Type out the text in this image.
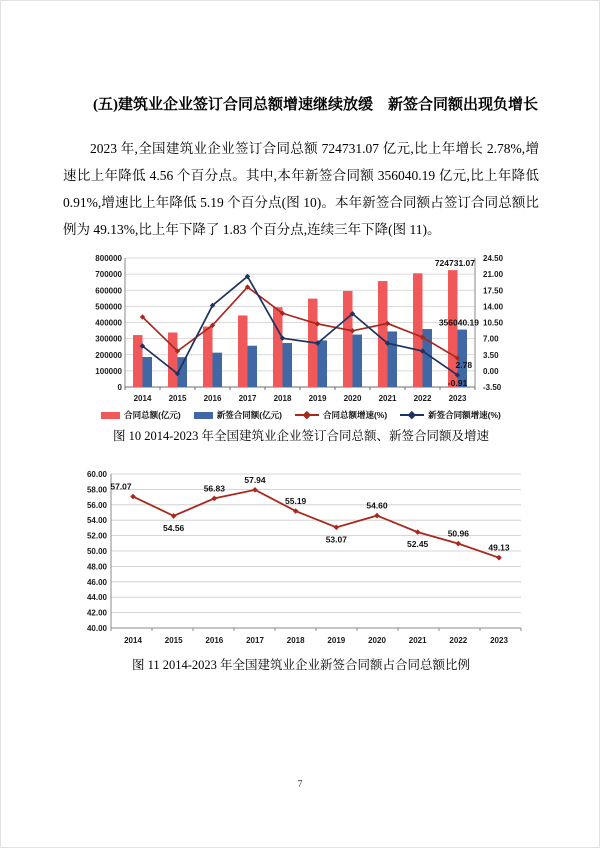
(五)建筑业企业签订合同总额增速继续放缓　新签合同额出现负增长

2023 年,全国建筑业企业签订合同总额 724731.07 亿元,比上年增长 2.78%,增速比上年降低 4.56 个百分点。其中,本年新签合同额 356040.19 亿元,比上年降低 0.91%,增速比上年降低 5.19 个百分点(图 10)。本年新签合同额占签订合同总额比例为 49.13%,比上年下降了 1.83 个百分点,连续三年下降(图 11)。

800000	24.50
700000	21.00
600000	17.50
500000	14.00
400000	10.50
300000	7.00
200000	3.50
100000	0.00
0	-3.50
2014 2015 2016 2017 2018 2019 2020 2021 2022 2023
724731.07
356040.19
2.78
-0.91
合同总额(亿元)	新签合同额(亿元)	合同总额增速(%)	新签合同额增速(%)
图 10 2014-2023 年全国建筑业企业签订合同总额、新签合同额及增速
60.00
58.00
56.00
54.00
52.00
50.00
48.00
46.00
44.00
42.00
40.00
57.07
54.56
56.83
57.94
55.19
53.07
54.60
52.45
50.96
49.13
2014	2015	2016	2017	2018	2019	2020	2021	2022	2023
图 11 2014-2023 年全国建筑业企业新签合同额占合同总额比例
7
